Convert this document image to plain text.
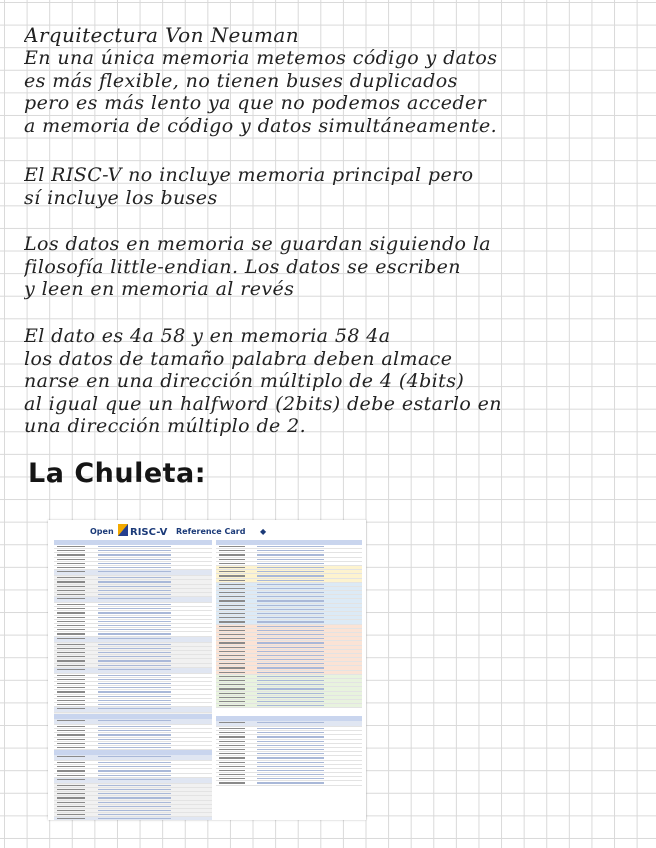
Arquitectura Von Neuman
En una única memoria metemos código y datos
es más flexible, no tienen buses duplicados
pero es más lento ya que no podemos acceder
a memoria de código y datos simultáneamente.
El RISC-V no incluye memoria principal pero
sí incluye los buses
Los datos en memoria se guardan siguiendo la
filosofía little-endian. Los datos se escriben
y leen en memoria al revés
El dato es 4a 58 y en memoria 58 4a
los datos de tamaño palabra deben almace
narse en una dirección múltiplo de 4 (4bits)
al igual que un halfword (2bits) debe estarlo en
una dirección múltiplo de 2.
La Chuleta:
Open RISC-V Reference Card ◆
